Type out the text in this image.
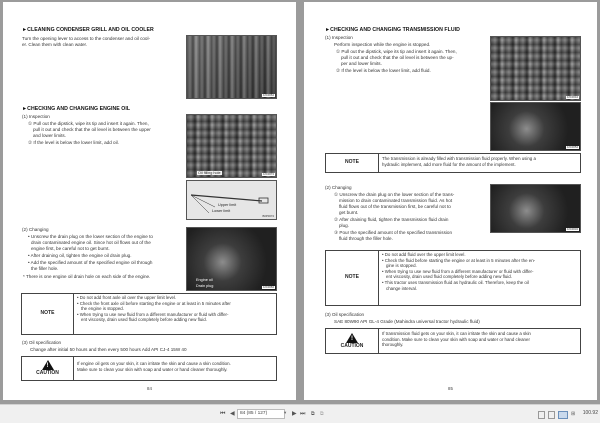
►CLEANING CONDENSER GRILL AND OIL COOLER
Turn the opening lever to access to the condenser and oil cool-
er. Clean them with clean water.
J2C0064
►CHECKING AND CHANGING ENGINE OIL
(1) Inspection
① Pull out the dipstick, wipe its tip and insert it again. Then,
pull it out and check that the oil level is between the upper
and lower limits.
② If the level is below the lower limit, add oil.
Oil filling hole	J2C0074
Upper limit
Lower limit
B0P0074
(2) Changing
• Unscrew the drain plug on the lower section of the engine to
drain contaminated engine oil. Since hot oil flows out of the
engine first, be careful not to get burnt.
• After draining oil, tighten the engine oil drain plug.
• Add the specified amount of the specified engine oil through
the filler hole.
* There is one engine oil drain hole on each side of the engine.
Engine oil
Drain plug	J2C0084
NOTE
• Do not add front axle oil over the upper limit level.
• Check the front axle oil before starting the engine or at least in 5 minutes after
the engine is stopped.
• When trying to use new fluid from a different manufacturer or fluid with differ-
ent viscosity, drain used fluid completely before adding new fluid.
(3) Oil specification
Change after initial 50 hours and then every 500 hours Add API CJ-4 15W 40
!
CAUTION
If engine oil gets on your skin, it can irritate the skin and cause a skin condition.
Make sure to clean your skin with soap and water or hand cleaner thoroughly.
84
►CHECKING AND CHANGING TRANSMISSION FLUID
(1) Inspection
Perform inspection while the engine is stopped.
① Pull out the dipstick, wipe its tip and insert it again. Then,
pull it out and check that the oil level is between the up-
per and lower limits.
② If the level is below the lower limit, add fluid.
J2C0044
J2C0054
NOTE
The transmission is already filled with transmission fluid properly. When using a
hydraulic implement, add more fluid for the amount of the implement.
(2) Changing
① Unscrew the drain plug on the lower section of the trans-
mission to drain contaminated transmission fluid. As hot
fluid flows out of the transmission first, be careful not to
get burnt.
② After draining fluid, tighten the transmission fluid drain
plug.
③ Pour the specified amount of the specified transmission
fluid through the filler hole.
J2C0034
NOTE
• Do not add fluid over the upper limit level.
• Check the fluid before starting the engine or at least in 5 minutes after the en-
gine is stopped.
• When trying to use new fluid from a different manufacturer or fluid with differ-
ent viscosity, drain used fluid completely before adding new fluid.
• This tractor uses transmission fluid as hydraulic oil. Therefore, keep the oil
change interval.
(3) Oil specification
SAE 80W90 API GL-4 Grade (Mahindra universal tractor hydraulic fluid)
!
CAUTION
If transmission fluid gets on your skin, it can irritate the skin and cause a skin
condition. Make sure to clean your skin with soap and water or hand cleaner
thoroughly.
85
⏮ ◀	84 (85 / 127)	▾ ▶ ⏭ ⧉ ⧉	⊞ 100.92
